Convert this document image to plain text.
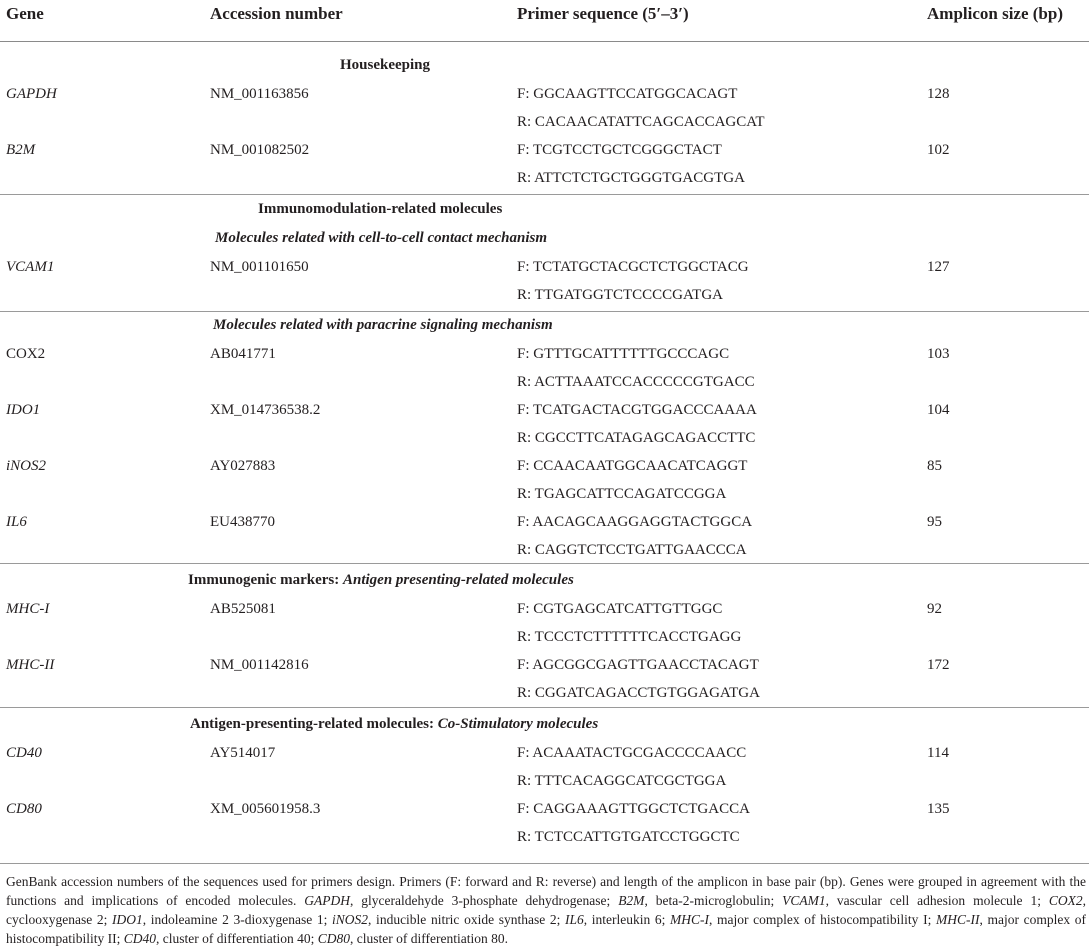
Gene	Accession number	Primer sequence (5′–3′)	Amplicon size (bp)
Housekeeping
GAPDH	NM_001163856	F: GGCAAGTTCCATGGCACAGT	128
R: CACAACATATTCAGCACCAGCAT
B2M	NM_001082502	F: TCGTCCTGCTCGGGCTACT	102
R: ATTCTCTGCTGGGTGACGTGA
Immunomodulation-related molecules
Molecules related with cell-to-cell contact mechanism
VCAM1	NM_001101650	F: TCTATGCTACGCTCTGGCTACG	127
R: TTGATGGTCTCCCCGATGA
Molecules related with paracrine signaling mechanism
COX2	AB041771	F: GTTTGCATTTTTTGCCCAGC	103
R: ACTTAAATCCACCCCCGTGACC
IDO1	XM_014736538.2	F: TCATGACTACGTGGACCCAAAA	104
R: CGCCTTCATAGAGCAGACCTTC
iNOS2	AY027883	F: CCAACAATGGCAACATCAGGT	85
R: TGAGCATTCCAGATCCGGA
IL6	EU438770	F: AACAGCAAGGAGGTACTGGCA	95
R: CAGGTCTCCTGATTGAACCCA
Immunogenic markers: Antigen presenting-related molecules
MHC-I	AB525081	F: CGTGAGCATCATTGTTGGC	92
R: TCCCTCTTTTTTCACCTGAGG
MHC-II	NM_001142816	F: AGCGGCGAGTTGAACCTACAGT	172
R: CGGATCAGACCTGTGGAGATGA
Antigen-presenting-related molecules: Co-Stimulatory molecules
CD40	AY514017	F: ACAAATACTGCGACCCCAACC	114
R: TTTCACAGGCATCGCTGGA
CD80	XM_005601958.3	F: CAGGAAAGTTGGCTCTGACCA	135
R: TCTCCATTGTGATCCTGGCTC
GenBank accession numbers of the sequences used for primers design. Primers (F: forward and R: reverse) and length of the amplicon in base pair (bp). Genes were grouped in agreement with the functions and implications of encoded molecules. GAPDH, glyceraldehyde 3-phosphate dehydrogenase; B2M, beta-2-microglobulin; VCAM1, vascular cell adhesion molecule 1; COX2, cyclooxygenase 2; IDO1, indoleamine 2 3-dioxygenase 1; iNOS2, inducible nitric oxide synthase 2; IL6, interleukin 6; MHC-I, major complex of histocompatibility I; MHC-II, major complex of histocompatibility II; CD40, cluster of differentiation 40; CD80, cluster of differentiation 80.
